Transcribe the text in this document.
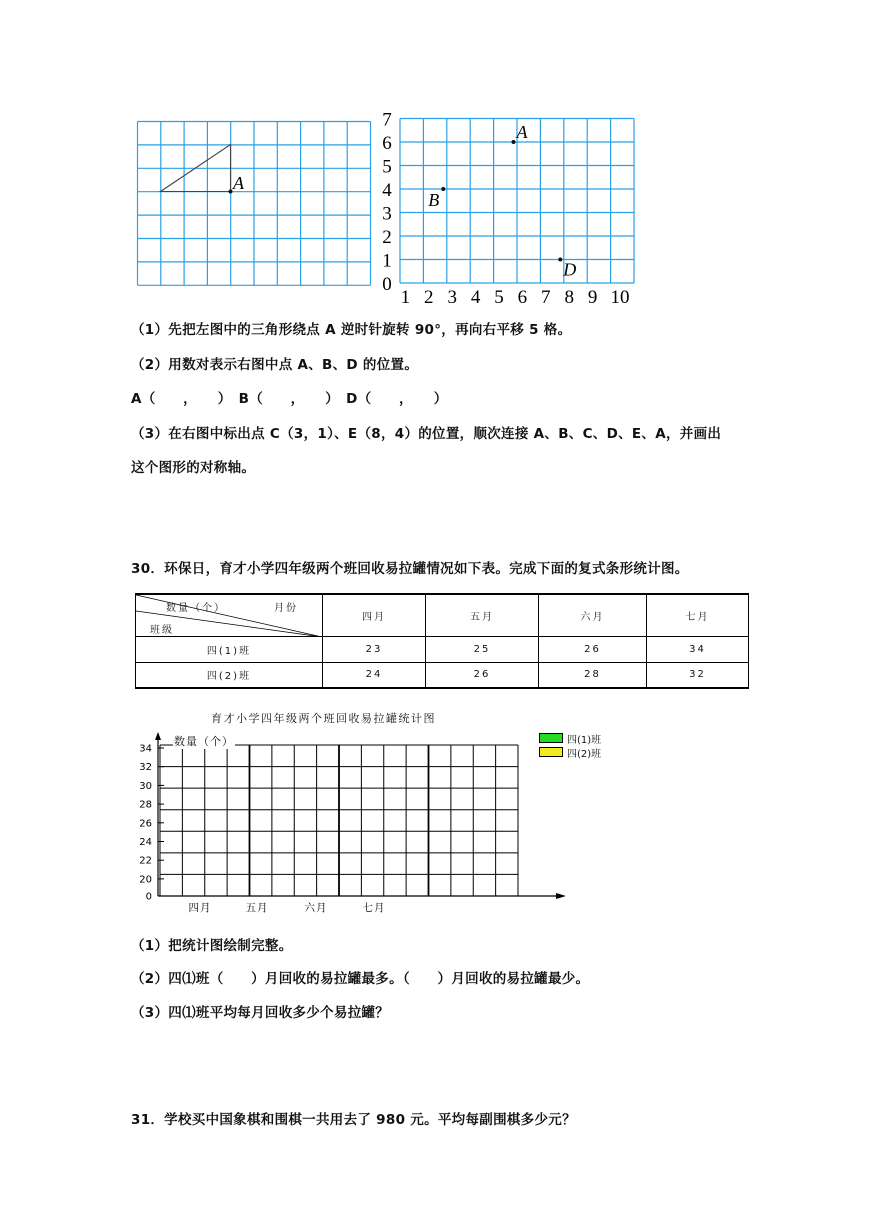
A
7
6
5
4
3
2
1
0
1 2 3 4 5 6 7 8 9 10
A
B
D
（1）先把左图中的三角形绕点 A 逆时针旋转 90°，再向右平移 5 格。
（2）用数对表示右图中点 A、B、D 的位置。
A（　　，　　）　B（　　，　　）　D（　　，　　）
（3）在右图中标出点 C（3，1）、E（8，4）的位置，顺次连接 A、B、C、D、E、A，并画出
这个图形的对称轴。
30．环保日，育才小学四年级两个班回收易拉罐情况如下表。完成下面的复式条形统计图。
数量（个） 月份
班级	四月	五月	六月	七月
四(1)班	23	25	26	34
四(2)班	24	26	28	32
育才小学四年级两个班回收易拉罐统计图
34
32
30
28
26
24
22
20
0
四月	五月	六月	七月
数量（个）	四(1)班
四(2)班
（1）把统计图绘制完整。
（2）四⑴班（　　）月回收的易拉罐最多。（　　）月回收的易拉罐最少。
（3）四⑴班平均每月回收多少个易拉罐？
31．学校买中国象棋和围棋一共用去了 980 元。平均每副围棋多少元？
